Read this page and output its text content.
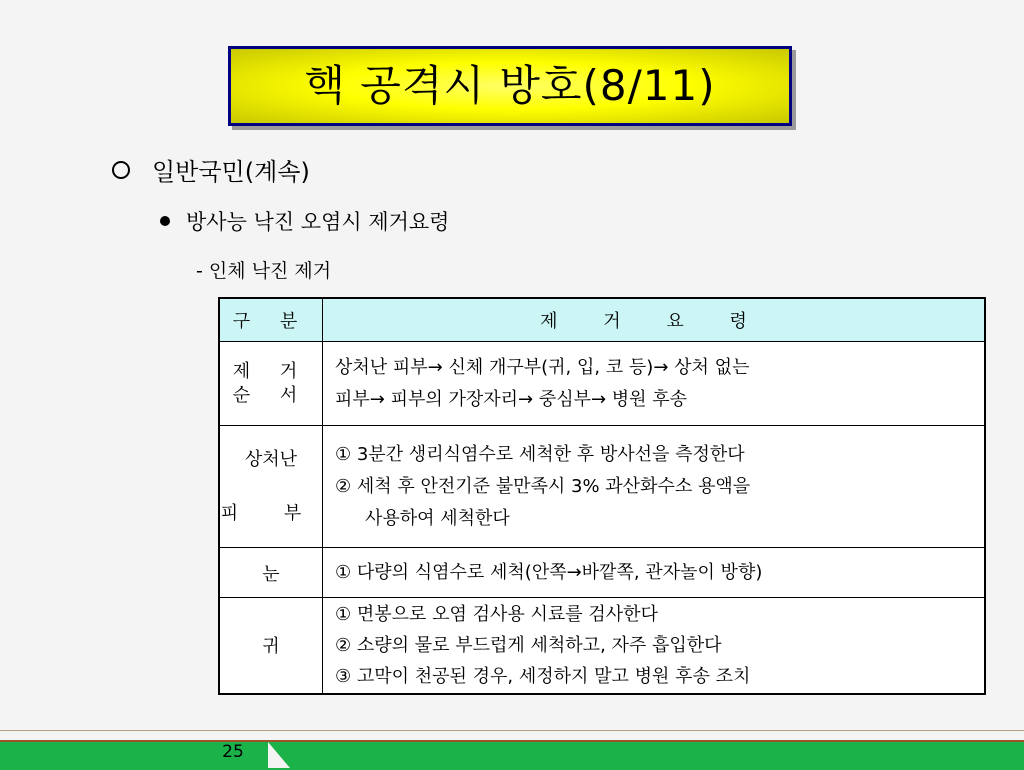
핵 공격시 방호(8/11)
일반국민(계속)
방사능 낙진 오염시 제거요령
- 인체 낙진 제거
구 분	제 거 요 령

제 거
순 서	상처난 피부→ 신체 개구부(귀, 입, 코 등)→ 상처 없는
피부→ 피부의 가장자리→ 중심부→ 병원 후송

상처난
피 부	① 3분간 생리식염수로 세척한 후 방사선을 측정한다
② 세척 후 안전기준 불만족시 3% 과산화수소 용액을
사용하여 세척한다

눈	① 다량의 식염수로 세척(안쪽→바깥쪽, 관자놀이 방향)

귀	① 면봉으로 오염 검사용 시료를 검사한다
② 소량의 물로 부드럽게 세척하고, 자주 흡입한다
③ 고막이 천공된 경우, 세정하지 말고 병원 후송 조치
25
